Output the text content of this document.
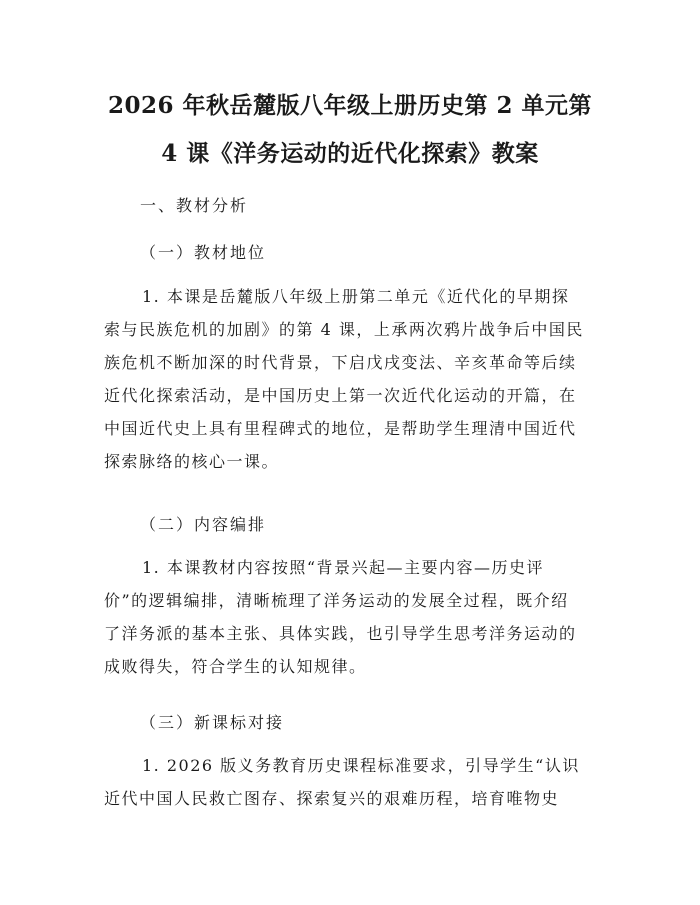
2026 年秋岳麓版八年级上册历史第 2 单元第
4 课《洋务运动的近代化探索》教案
一、教材分析
（一）教材地位
1. 本课是岳麓版八年级上册第二单元《近代化的早期探
索与民族危机的加剧》的第 4 课，上承两次鸦片战争后中国民
族危机不断加深的时代背景，下启戊戌变法、辛亥革命等后续
近代化探索活动，是中国历史上第一次近代化运动的开篇，在
中国近代史上具有里程碑式的地位，是帮助学生理清中国近代
探索脉络的核心一课。
（二）内容编排
1. 本课教材内容按照“背景兴起—主要内容—历史评
价”的逻辑编排，清晰梳理了洋务运动的发展全过程，既介绍
了洋务派的基本主张、具体实践，也引导学生思考洋务运动的
成败得失，符合学生的认知规律。
（三）新课标对接
1. 2026 版义务教育历史课程标准要求，引导学生“认识
近代中国人民救亡图存、探索复兴的艰难历程，培育唯物史
